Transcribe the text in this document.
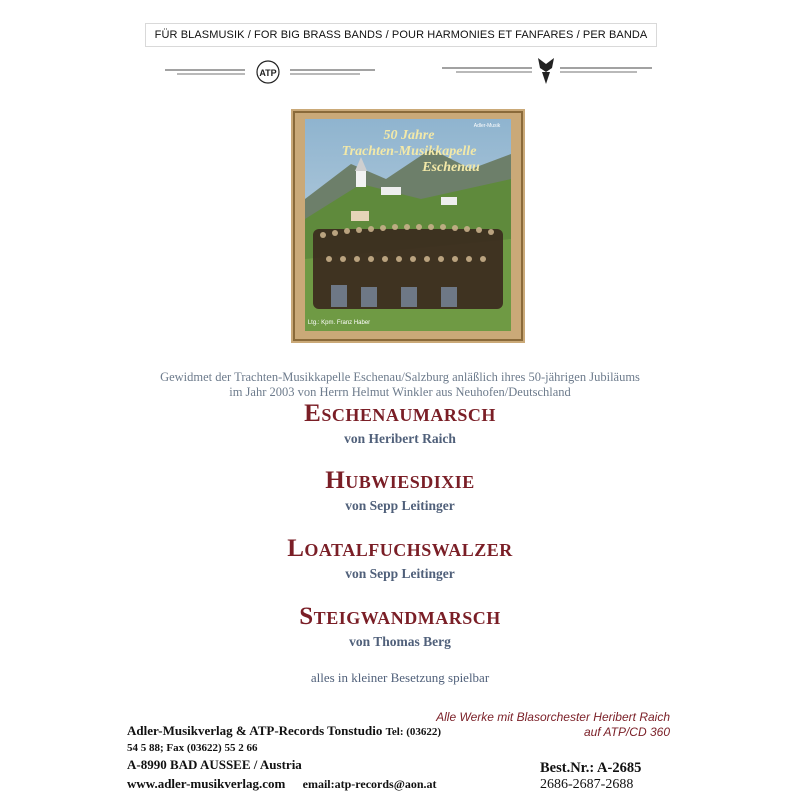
FÜR BLASMUSIK / FOR BIG BRASS BANDS / POUR HARMONIES ET FANFARES / PER BANDA
ATP
50 Jahre
Trachten-Musikkapelle
Eschenau
Adler-Musik
Ltg.: Kpm. Franz Haber
Gewidmet der Trachten-Musikkapelle Eschenau/Salzburg anläßlich ihres 50-jährigen Jubiläums
im Jahr 2003 von Herrn Helmut Winkler aus Neuhofen/Deutschland
Eschenaumarsch
von Heribert Raich
Hubwiesdixie
von Sepp Leitinger
Loatalfuchswalzer
von Sepp Leitinger
Steigwandmarsch
von Thomas Berg
alles in kleiner Besetzung spielbar
Alle Werke mit Blasorchester Heribert Raich
auf ATP/CD 360
Adler-Musikverlag & ATP-Records Tonstudio Tel: (03622)
54 5 88; Fax (03622) 55 2 66
A-8990 BAD AUSSEE / Austria
www.adler-musikverlag.com email:atp-records@aon.at
Best.Nr.: A-2685
2686-2687-2688
